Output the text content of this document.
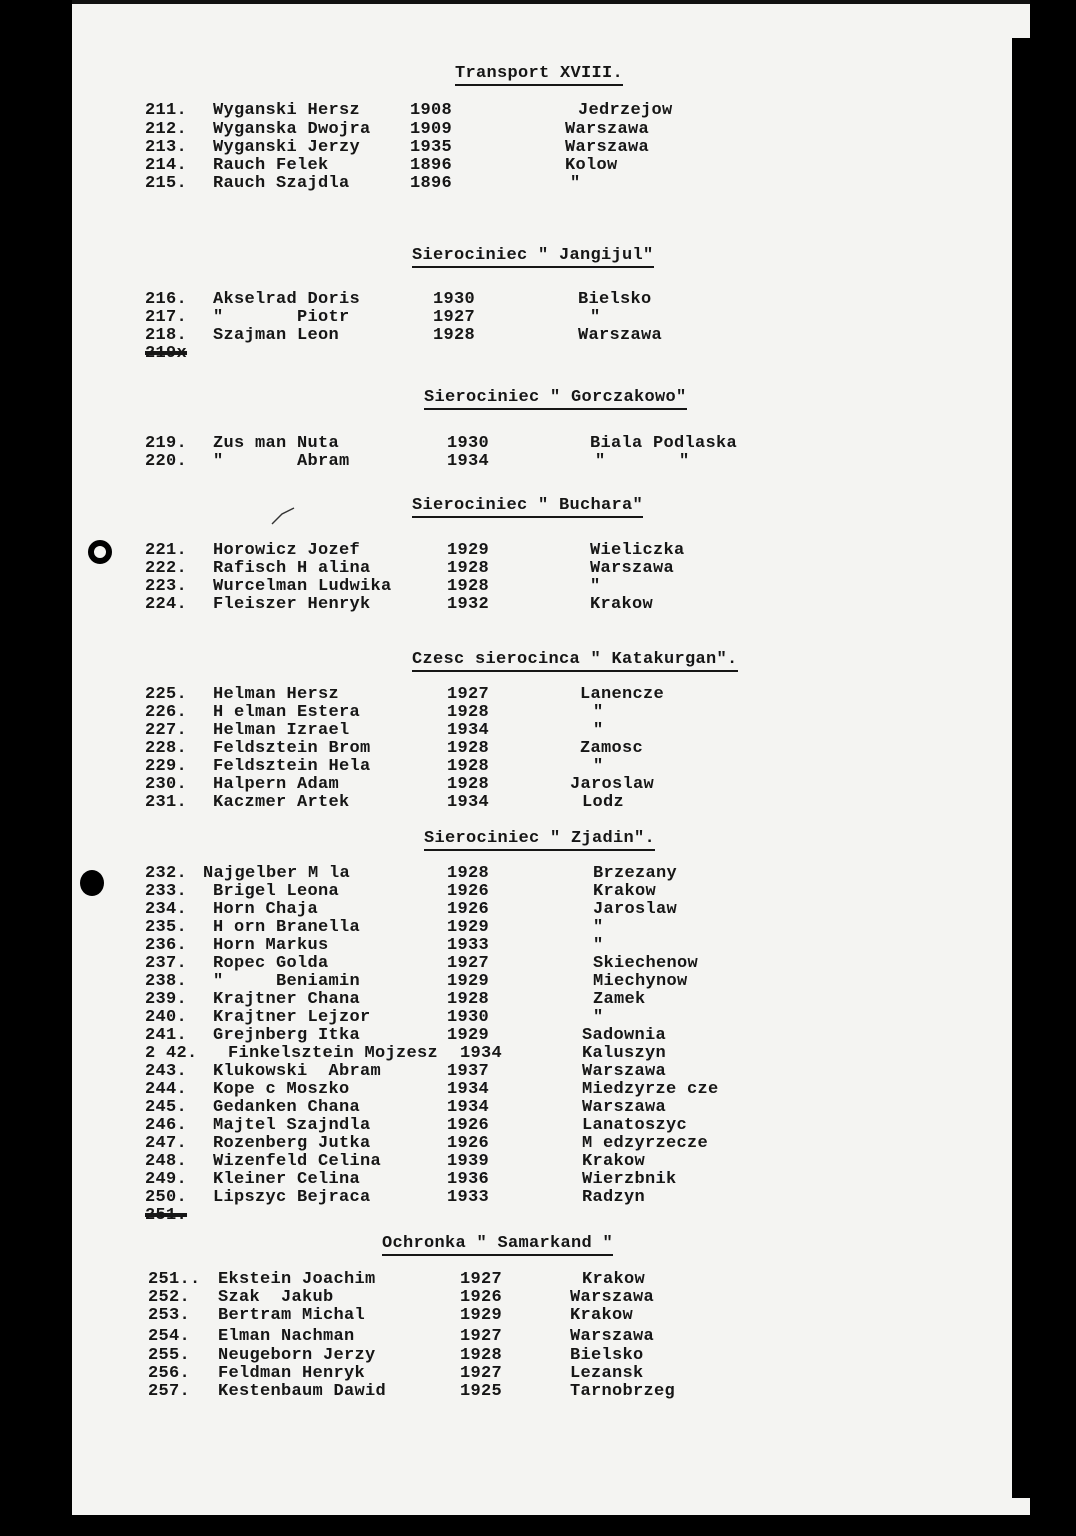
Transport XVIII.
211. Wyganski Hersz	1908	Jedrzejow
212. Wyganska Dwojra 1909	Warszawa
213. Wyganski Jerzy	1935	Warszawa
214. Rauch Felek	1896	Kolow
215. Rauch Szajdla	1896	"
Sierociniec " Jangijul"
216. Akselrad Doris	1930	Bielsko
217. "       Piotr	1927	"
218. Szajman Leon	1928	Warszawa
219x
Sierociniec " Gorczakowo"
219. Zus man Nuta	1930	Biala Podlaska
220. "       Abram	1934	"       "
Sierociniec " Buchara"
221. Horowicz Jozef	1929	Wieliczka
222. Rafisch H alina	1928	Warszawa
223. Wurcelman Ludwika	1928	"
224. Fleiszer Henryk	1932	Krakow
Czesc sierocinca " Katakurgan".
225. Helman Hersz	1927	Lanencze
226. H elman Estera	1928	"
227. Helman Izrael	1934	"
228. Feldsztein Brom	1928	Zamosc
229. Feldsztein Hela	1928	"
230. Halpern Adam	1928	Jaroslaw
231. Kaczmer Artek	1934	Lodz
Sierociniec " Zjadin".
232. Najgelber M la	1928	Brzezany
233. Brigel Leona	1926	Krakow
234. Horn Chaja	1926	Jaroslaw
235. H orn Branella	1929	"
236. Horn Markus	1933	"
237. Ropec Golda	1927	Skiechenow
238. "     Beniamin	1929	Miechynow
239. Krajtner Chana	1928	Zamek
240. Krajtner Lejzor	1930	"
241. Grejnberg Itka	1929	Sadownia
2 42. Finkelsztein Mojzesz 1934	Kaluszyn
243. Klukowski  Abram	1937	Warszawa
244. Kope c Moszko	1934	Miedzyrze cze
245. Gedanken Chana	1934	Warszawa
246. Majtel Szajndla	1926	Lanatoszyc
247. Rozenberg Jutka	1926	M edzyrzecze
248. Wizenfeld Celina	1939	Krakow
249. Kleiner Celina	1936	Wierzbnik
250. Lipszyc Bejraca	1933	Radzyn
251.
Ochronka " Samarkand "
251.. Ekstein Joachim	1927	Krakow
252. Szak  Jakub	1926	Warszawa
253. Bertram Michal	1929	Krakow
254. Elman Nachman	1927	Warszawa
255. Neugeborn Jerzy	1928	Bielsko
256. Feldman Henryk	1927	Lezansk
257. Kestenbaum Dawid	1925	Tarnobrzeg
